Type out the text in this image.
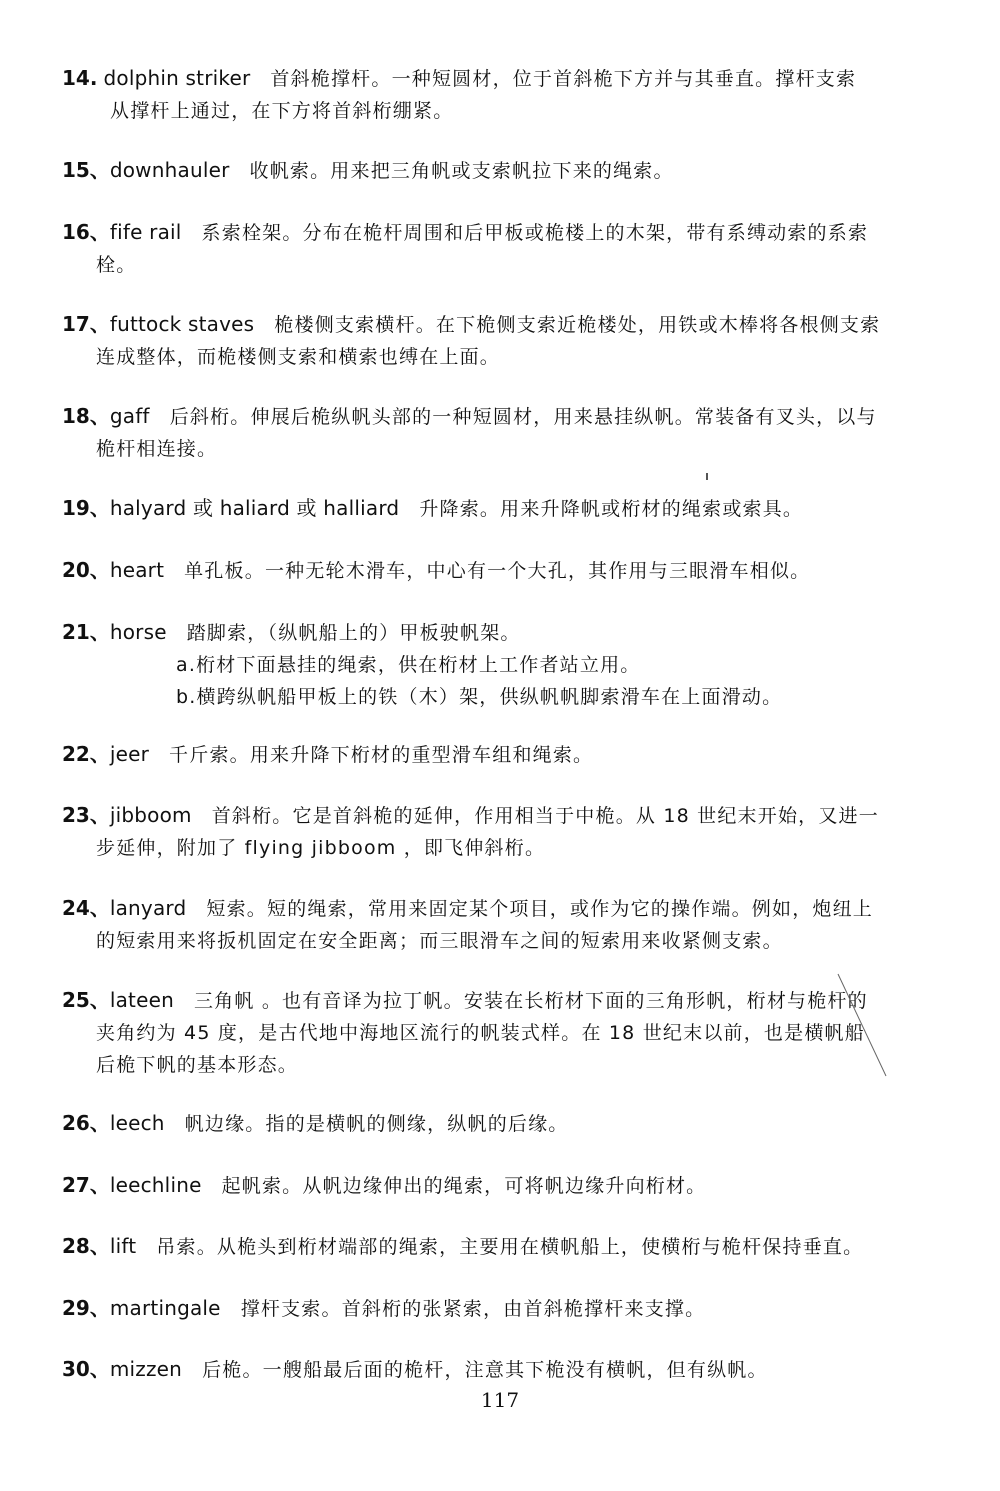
14. dolphin striker 首斜桅撑杆。一种短圆材，位于首斜桅下方并与其垂直。撑杆支索
从撑杆上通过，在下方将首斜桁绷紧。
15、downhauler 收帆索。用来把三角帆或支索帆拉下来的绳索。
16、fife rail 系索栓架。分布在桅杆周围和后甲板或桅楼上的木架，带有系缚动索的系索
栓。
17、futtock staves 桅楼侧支索横杆。在下桅侧支索近桅楼处，用铁或木棒将各根侧支索
连成整体，而桅楼侧支索和横索也缚在上面。
18、gaff 后斜桁。伸展后桅纵帆头部的一种短圆材，用来悬挂纵帆。常装备有叉头，以与
桅杆相连接。
19、halyard 或 haliard 或 halliard 升降索。用来升降帆或桁材的绳索或索具。
20、heart 单孔板。一种无轮木滑车，中心有一个大孔，其作用与三眼滑车相似。
21、horse 踏脚索，（纵帆船上的）甲板驶帆架。
a.桁材下面悬挂的绳索，供在桁材上工作者站立用。
b.横跨纵帆船甲板上的铁（木）架，供纵帆帆脚索滑车在上面滑动。
22、jeer 千斤索。用来升降下桁材的重型滑车组和绳索。
23、jibboom 首斜桁。它是首斜桅的延伸，作用相当于中桅。从 18 世纪末开始，又进一
步延伸，附加了 flying jibboom ，即飞伸斜桁。
24、lanyard 短索。短的绳索，常用来固定某个项目，或作为它的操作端。例如，炮纽上
的短索用来将扳机固定在安全距离；而三眼滑车之间的短索用来收紧侧支索。
25、lateen 三角帆 。也有音译为拉丁帆。安装在长桁材下面的三角形帆，桁材与桅杆的
夹角约为 45 度，是古代地中海地区流行的帆装式样。在 18 世纪末以前，也是横帆船
后桅下帆的基本形态。
26、leech 帆边缘。指的是横帆的侧缘，纵帆的后缘。
27、leechline 起帆索。从帆边缘伸出的绳索，可将帆边缘升向桁材。
28、lift 吊索。从桅头到桁材端部的绳索，主要用在横帆船上，使横桁与桅杆保持垂直。
29、martingale 撑杆支索。首斜桁的张紧索，由首斜桅撑杆来支撑。
30、mizzen 后桅。一艘船最后面的桅杆，注意其下桅没有横帆，但有纵帆。
117
